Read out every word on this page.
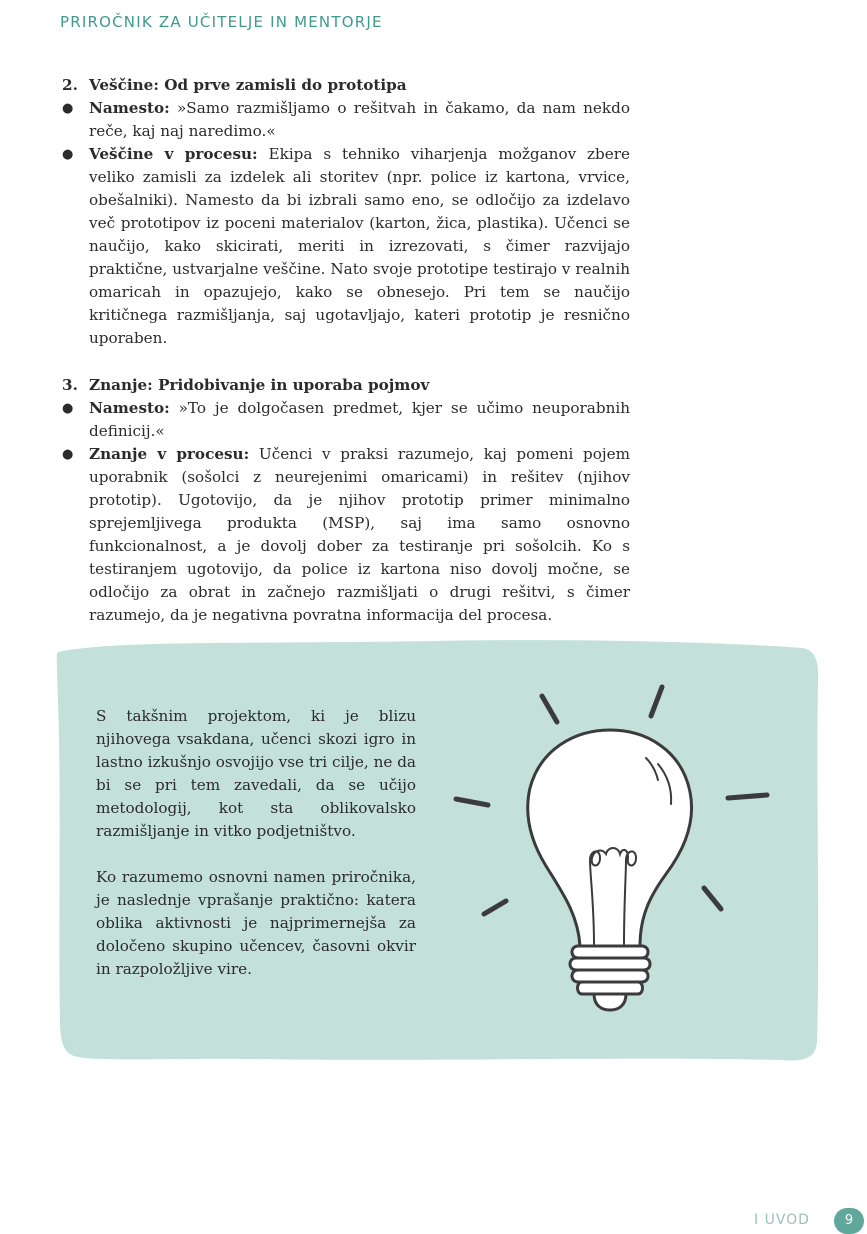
PRIROČNIK ZA UČITELJE IN MENTORJE
2. Veščine: Od prve zamisli do prototipa
●	Namesto: »Samo razmišljamo o rešitvah in čakamo, da nam nekdo reče, kaj naj naredimo.«
●	Veščine v procesu: Ekipa s tehniko viharjenja možganov zbere veliko zamisli za izdelek ali storitev (npr. police iz kartona, vrvice, obešalniki). Namesto da bi izbrali samo eno, se odločijo za izdelavo več prototipov iz poceni materialov (karton, žica, plastika). Učenci se naučijo, kako skicirati, meriti in izrezovati, s čimer razvijajo praktične, ustvarjalne veščine. Nato svoje prototipe testirajo v realnih omaricah in opazujejo, kako se obnesejo. Pri tem se naučijo kritičnega razmišljanja, saj ugotavljajo, kateri prototip je resnično uporaben.
3. Znanje: Pridobivanje in uporaba pojmov
●	Namesto: »To je dolgočasen predmet, kjer se učimo neuporabnih definicij.«
●	Znanje v procesu: Učenci v praksi razumejo, kaj pomeni pojem uporabnik (sošolci z neurejenimi omaricami) in rešitev (njihov prototip). Ugotovijo, da je njihov prototip primer minimalno sprejemljivega produkta (MSP), saj ima samo osnovno funkcionalnost, a je dovolj dober za testiranje pri sošolcih. Ko s testiranjem ugotovijo, da police iz kartona niso dovolj močne, se odločijo za obrat in začnejo razmišljati o drugi rešitvi, s čimer razumejo, da je negativna povratna informacija del procesa.

S takšnim projektom, ki je blizu njihovega vsakdana, učenci skozi igro in lastno izkušnjo osvojijo vse tri cilje, ne da bi se pri tem zavedali, da se učijo metodologij, kot sta oblikovalsko razmišljanje in vitko podjetništvo.

Ko razumemo osnovni namen priročnika, je naslednje vprašanje praktično: katera oblika aktivnosti je najprimernejša za določeno skupino učencev, časovni okvir in razpoložljive vire.

I UVOD	9
